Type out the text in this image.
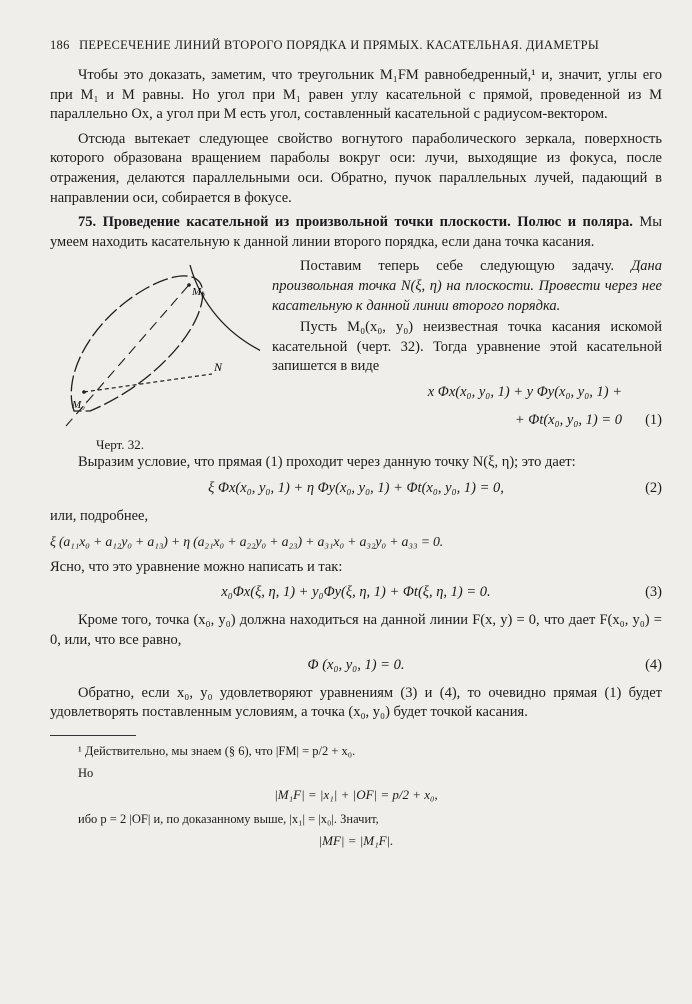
186 ПЕРЕСЕЧЕНИЕ ЛИНИЙ ВТОРОГО ПОРЯДКА И ПРЯМЫХ. КАСАТЕЛЬНАЯ. ДИАМЕТРЫ

Чтобы это доказать, заметим, что треугольник M₁FM равнобедренный,¹ и, значит, углы его при M₁ и M равны. Но угол при M₁ равен углу касательной с прямой, проведенной из M параллельно Ox, а угол при M есть угол, составленный касательной с радиусом-вектором.

Отсюда вытекает следующее свойство вогнутого параболического зеркала, поверхность которого образована вращением параболы вокруг оси: лучи, выходящие из фокуса, после отражения, делаются параллельными оси. Обратно, пучок параллельных лучей, падающий в направлении оси, собирается в фокусе.

75. Проведение касательной из произвольной точки плоскости. Полюс и поляра. Мы умеем находить касательную к данной линии второго порядка, если дана точка касания.

M₀
N
M₀′
Черт. 32.

Поставим теперь себе следующую задачу. Дана произвольная точка N(ξ, η) на плоскости. Провести через нее касательную к данной линии второго порядка.

Пусть M₀(x₀, y₀) неизвестная точка касания искомой касательной (черт. 32). Тогда уравнение этой касательной запишется в виде

x Φx(x₀, y₀, 1) + y Φy(x₀, y₀, 1) +
+ Φt(x₀, y₀, 1) = 0 (1)

Выразим условие, что прямая (1) проходит через данную точку N(ξ, η); это дает:

ξ Φx(x₀, y₀, 1) + η Φy(x₀, y₀, 1) + Φt(x₀, y₀, 1) = 0,	(2)

или, подробнее,

ξ (a₁₁x₀ + a₁₂y₀ + a₁₃) + η (a₂₁x₀ + a₂₂y₀ + a₂₃) + a₃₁x₀ + a₃₂y₀ + a₃₃ = 0.

Ясно, что это уравнение можно написать и так:

x₀Φx(ξ, η, 1) + y₀Φy(ξ, η, 1) + Φt(ξ, η, 1) = 0.	(3)

Кроме того, точка (x₀, y₀) должна находиться на данной линии F(x, y) = 0, что дает F(x₀, y₀) = 0, или, что все равно,

Φ (x₀, y₀, 1) = 0.	(4)

Обратно, если x₀, y₀ удовлетворяют уравнениям (3) и (4), то очевидно прямая (1) будет удовлетворять поставленным условиям, а точка (x₀, y₀) будет точкой касания.

¹ Действительно, мы знаем (§ 6), что |FM| = p/2 + x₀.

Но

|M₁F| = |x₁| + |OF| = p/2 + x₀,

ибо p = 2 |OF| и, по доказанному выше, |x₁| = |x₀|. Значит,

|MF| = |M₁F|.
